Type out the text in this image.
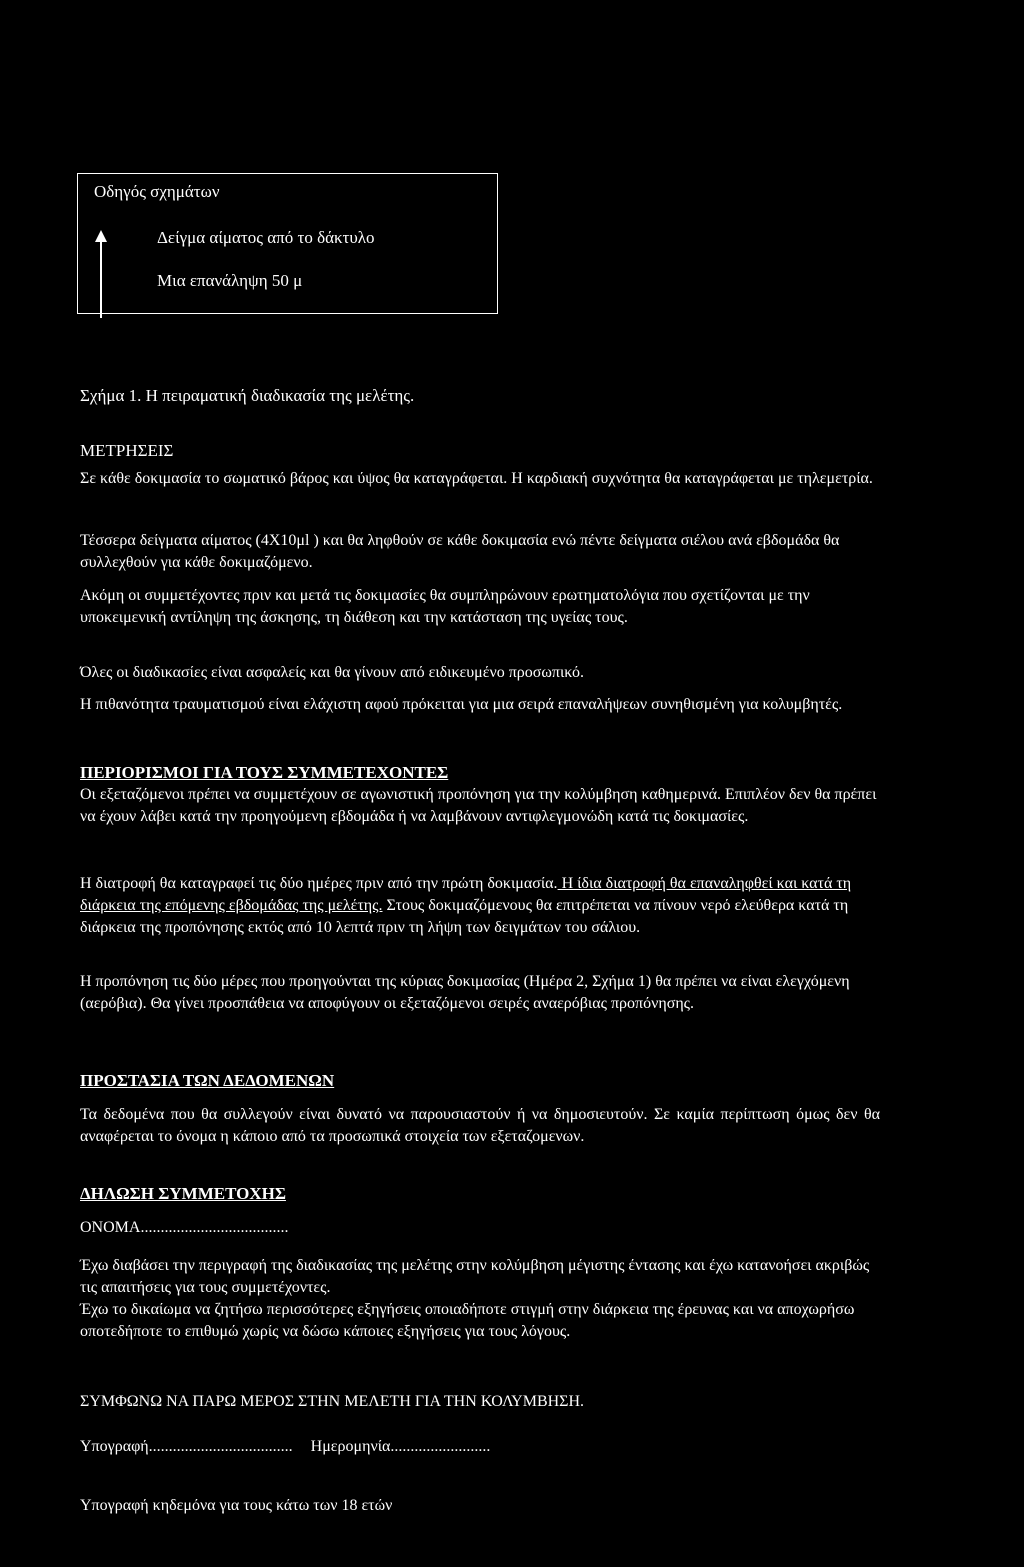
Οδηγός σχημάτων
Δείγμα αίματος από το δάκτυλο
Μια επανάληψη 50 μ
Σχήμα 1. Η πειραματική διαδικασία της μελέτης.
ΜΕΤΡΗΣΕΙΣ

Σε κάθε δοκιμασία το σωματικό βάρος και ύψος θα καταγράφεται. Η καρδιακή συχνότητα θα καταγράφεται με τηλεμετρία.

Τέσσερα δείγματα αίματος (4Χ10μl ) και θα ληφθούν σε κάθε δοκιμασία ενώ πέντε δείγματα σιέλου ανά εβδομάδα θα συλλεχθούν για κάθε δοκιμαζόμενο.

Ακόμη οι συμμετέχοντες πριν και μετά τις δοκιμασίες θα συμπληρώνουν ερωτηματολόγια που σχετίζονται με την υποκειμενική αντίληψη της άσκησης, τη διάθεση και την κατάσταση της υγείας τους.

Όλες οι διαδικασίες είναι ασφαλείς και θα γίνουν από ειδικευμένο προσωπικό.

Η πιθανότητα τραυματισμού είναι ελάχιστη αφού πρόκειται για μια σειρά επαναλήψεων συνηθισμένη για κολυμβητές.

ΠΕΡΙΟΡΙΣΜΟΙ ΓΙΑ ΤΟΥΣ ΣΥΜΜΕΤΕΧΟΝΤΕΣ

Οι εξεταζόμενοι πρέπει να συμμετέχουν σε αγωνιστική προπόνηση για την κολύμβηση καθημερινά. Επιπλέον δεν θα πρέπει να έχουν λάβει κατά την προηγούμενη εβδομάδα ή να λαμβάνουν αντιφλεγμονώδη κατά τις δοκιμασίες.

Η διατροφή θα καταγραφεί τις δύο ημέρες πριν από την πρώτη δοκιμασία. Η ίδια διατροφή θα επαναληφθεί και κατά τη διάρκεια της επόμενης εβδομάδας της μελέτης. Στους δοκιμαζόμενους θα επιτρέπεται να πίνουν νερό ελεύθερα κατά τη διάρκεια της προπόνησης εκτός από 10 λεπτά πριν τη λήψη των δειγμάτων του σάλιου.

Η προπόνηση τις δύο μέρες που προηγούνται της κύριας δοκιμασίας (Ημέρα 2, Σχήμα 1) θα πρέπει να είναι ελεγχόμενη (αερόβια). Θα γίνει προσπάθεια να αποφύγουν οι εξεταζόμενοι σειρές αναερόβιας προπόνησης.

ΠΡΟΣΤΑΣΙΑ ΤΩΝ ΔΕΔΟΜΕΝΩΝ

Τα δεδομένα που θα συλλεγούν είναι δυνατό να παρουσιαστούν ή να δημοσιευτούν. Σε καμία περίπτωση όμως δεν θα αναφέρεται το όνομα η κάποιο από τα προσωπικά στοιχεία των εξεταζομενων.

ΔΗΛΩΣΗ ΣΥΜΜΕΤΟΧΗΣ

ΟΝΟΜΑ.....................................

Έχω διαβάσει την περιγραφή της διαδικασίας της μελέτης στην κολύμβηση μέγιστης έντασης και έχω κατανοήσει ακριβώς τις απαιτήσεις για τους συμμετέχοντες.

Έχω το δικαίωμα να ζητήσω περισσότερες εξηγήσεις οποιαδήποτε στιγμή στην διάρκεια της έρευνας και να αποχωρήσω οποτεδήποτε το επιθυμώ χωρίς να δώσω κάποιες εξηγήσεις για τους λόγους.

ΣΥΜΦΩΝΩ ΝΑ ΠΑΡΩ ΜΕΡΟΣ ΣΤΗΝ ΜΕΛΕΤΗ ΓΙΑ ΤΗΝ ΚΟΛΥΜΒΗΣΗ.

Υπογραφή.................................... Ημερομηνία.........................

Υπογραφή κηδεμόνα για τους κάτω των 18 ετών
